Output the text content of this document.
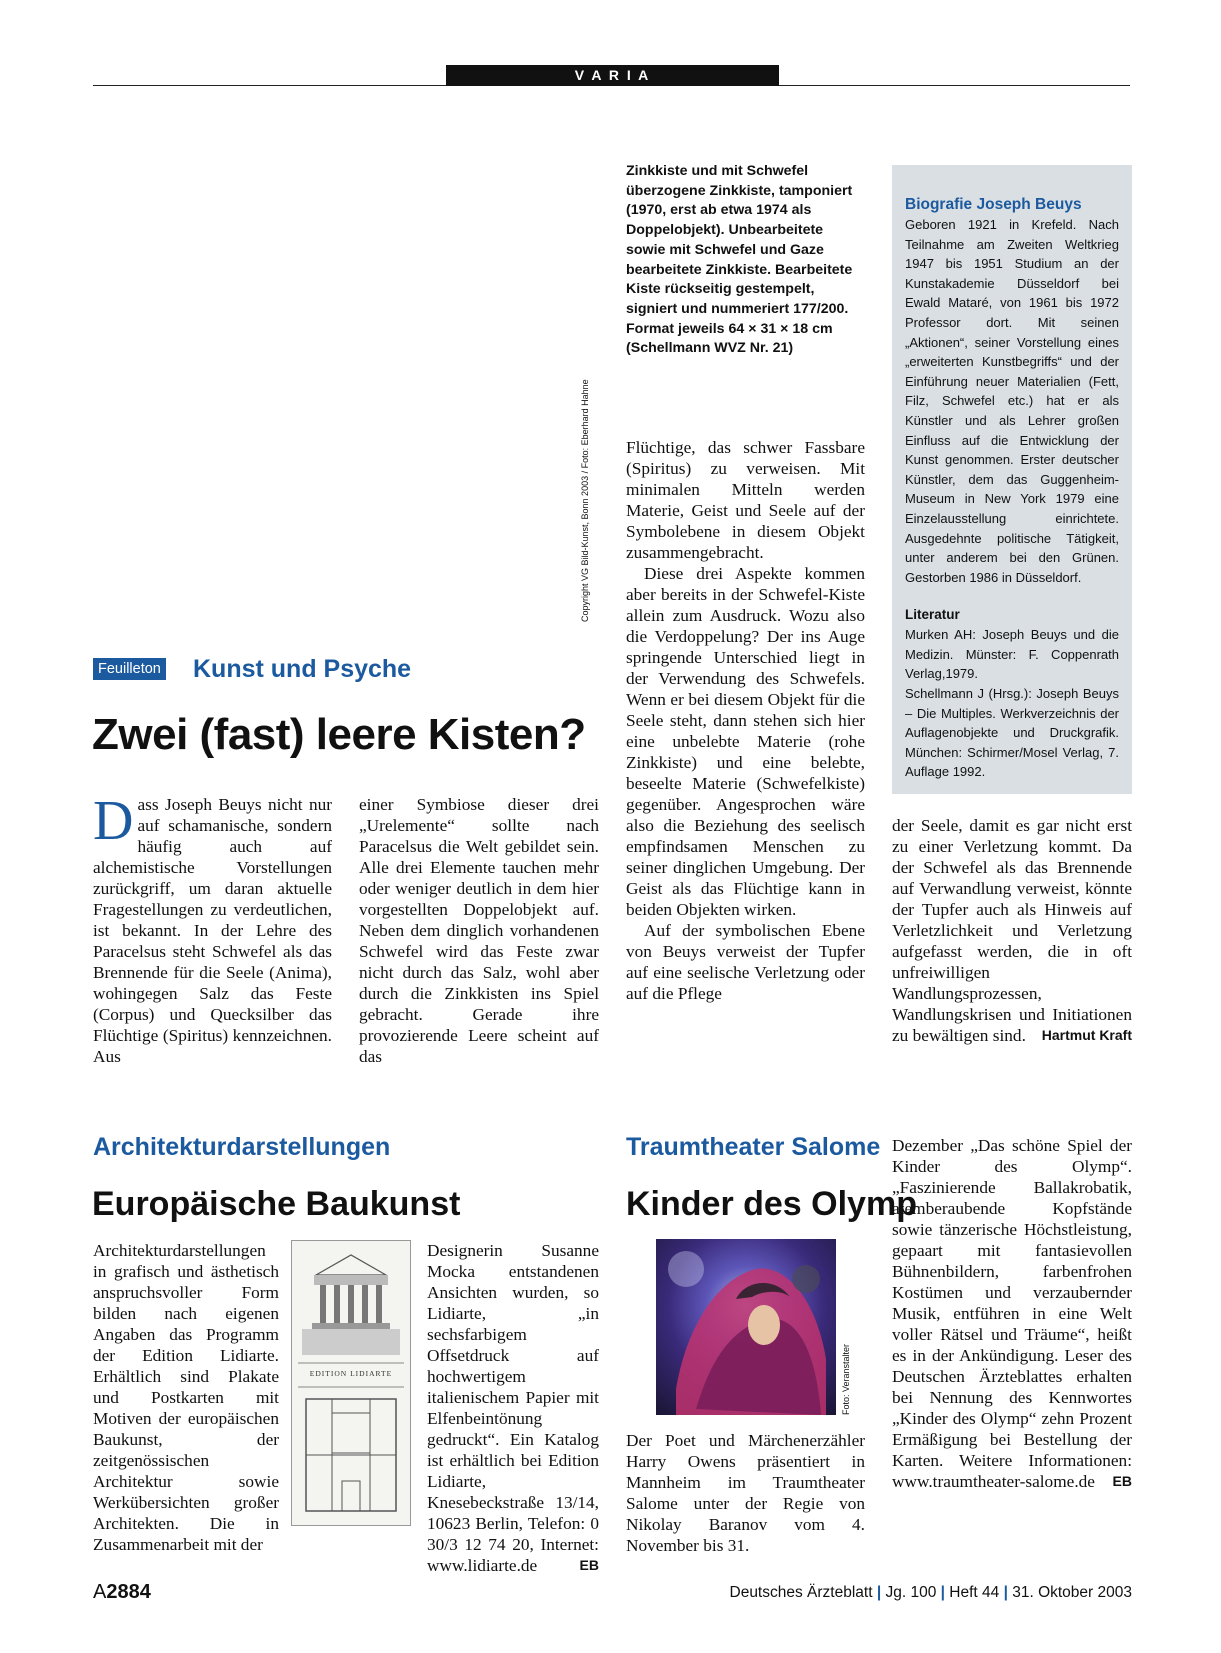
V A R I A
Copyright VG Bild-Kunst, Bonn 2003 / Foto: Eberhard Hahne
Zinkkiste und mit Schwefel überzogene Zinkkiste, tamponiert (1970, erst ab etwa 1974 als Doppelobjekt). Unbearbeitete sowie mit Schwefel und Gaze bearbeitete Zinkkiste. Bearbeitete Kiste rückseitig gestempelt, signiert und nummeriert 177/200. Format jeweils 64 × 31 × 18 cm (Schellmann WVZ Nr. 21)
Biografie Joseph Beuys
Geboren 1921 in Krefeld. Nach Teilnahme am Zweiten Weltkrieg 1947 bis 1951 Studium an der Kunstakademie Düsseldorf bei Ewald Mataré, von 1961 bis 1972 Professor dort. Mit seinen „Aktionen“, seiner Vorstellung eines „erweiterten Kunstbegriffs“ und der Einführung neuer Materialien (Fett, Filz, Schwefel etc.) hat er als Künstler und als Lehrer großen Einfluss auf die Entwicklung der Kunst genommen. Erster deutscher Künstler, dem das Guggenheim-Museum in New York 1979 eine Einzelausstellung einrichtete. Ausgedehnte politische Tätigkeit, unter anderem bei den Grünen. Gestorben 1986 in Düsseldorf.
Literatur
Murken AH: Joseph Beuys und die Medizin. Münster: F. Coppenrath Verlag,1979.
Schellmann J (Hrsg.): Joseph Beuys – Die Multiples. Werkverzeichnis der Auflagenobjekte und Druckgrafik. München: Schirmer/Mosel Verlag, 7. Auflage 1992.
Feuilleton Kunst und Psyche
Zwei (fast) leere Kisten?

Dass Joseph Beuys nicht nur auf schamanische, sondern häufig auch auf alchemistische Vorstellungen zurückgriff, um daran aktuelle Fragestellungen zu verdeutlichen, ist bekannt. In der Lehre des Paracelsus steht Schwefel als das Brennende für die Seele (Anima), wohingegen Salz das Feste (Corpus) und Quecksilber das Flüchtige (Spiritus) kennzeichnen. Aus

einer Symbiose dieser drei „Urelemente“ sollte nach Paracelsus die Welt gebildet sein. Alle drei Elemente tauchen mehr oder weniger deutlich in dem hier vorgestellten Doppelobjekt auf. Neben dem dinglich vorhandenen Schwefel wird das Feste zwar nicht durch das Salz, wohl aber durch die Zinkkisten ins Spiel gebracht. Gerade ihre provozierende Leere scheint auf das

Flüchtige, das schwer Fassbare (Spiritus) zu verweisen. Mit minimalen Mitteln werden Materie, Geist und Seele auf der Symbolebene in diesem Objekt zusammengebracht.

Diese drei Aspekte kommen aber bereits in der Schwefel-Kiste allein zum Ausdruck. Wozu also die Verdoppelung? Der ins Auge springende Unterschied liegt in der Verwendung des Schwefels. Wenn er bei diesem Objekt für die Seele steht, dann stehen sich hier eine unbelebte Materie (rohe Zinkkiste) und eine belebte, beseelte Materie (Schwefelkiste) gegenüber. Angesprochen wäre also die Beziehung des seelisch empfindsamen Menschen zu seiner dinglichen Umgebung. Der Geist als das Flüchtige kann in beiden Objekten wirken.

Auf der symbolischen Ebene von Beuys verweist der Tupfer auf eine seelische Verletzung oder auf die Pflege

der Seele, damit es gar nicht erst zu einer Verletzung kommt. Da der Schwefel als das Brennende auf Verwandlung verweist, könnte der Tupfer auch als Hinweis auf Verletzlichkeit und Verletzung aufgefasst werden, die in oft unfreiwilligen Wandlungsprozessen, Wandlungskrisen und Initiationen zu bewältigen sind. Hartmut Kraft

Architekturdarstellungen
Europäische Baukunst

Architekturdarstellungen in grafisch und ästhetisch anspruchsvoller Form bilden nach eigenen Angaben das Programm der Edition Lidiarte. Erhältlich sind Plakate und Postkarten mit Motiven der europäischen Baukunst, der zeitgenössischen Architektur sowie Werkübersichten großer Architekten. Die in Zusammenarbeit mit der

EDITION LIDIARTE

Designerin Susanne Mocka entstandenen Ansichten wurden, so Lidiarte, „in sechsfarbigem Offsetdruck auf hochwertigem italienischem Papier mit Elfenbeintönung gedruckt“. Ein Katalog ist erhältlich bei Edition Lidiarte, Knesebeckstraße 13/14, 10623 Berlin, Telefon: 0 30/3 12 74 20, Internet: www.lidiarte.de	EB

Traumtheater Salome
Kinder des Olymp
Foto: Veranstalter

Der Poet und Märchenerzähler Harry Owens präsentiert in Mannheim im Traumtheater Salome unter der Regie von Nikolay Baranov vom 4. November bis 31.

Dezember „Das schöne Spiel der Kinder des Olymp“. „Faszinierende Ballakrobatik, atemberaubende Kopfstände sowie tänzerische Höchstleistung, gepaart mit fantasievollen Bühnenbildern, farbenfrohen Kostümen und verzaubernder Musik, entführen in eine Welt voller Rätsel und Träume“, heißt es in der Ankündigung. Leser des Deutschen Ärzteblattes erhalten bei Nennung des Kennwortes „Kinder des Olymp“ zehn Prozent Ermäßigung bei Bestellung der Karten. Weitere Informationen: www.traumtheater-salome.de EB

A2884	Deutsches Ärzteblatt | Jg. 100 | Heft 44 | 31. Oktober 2003
